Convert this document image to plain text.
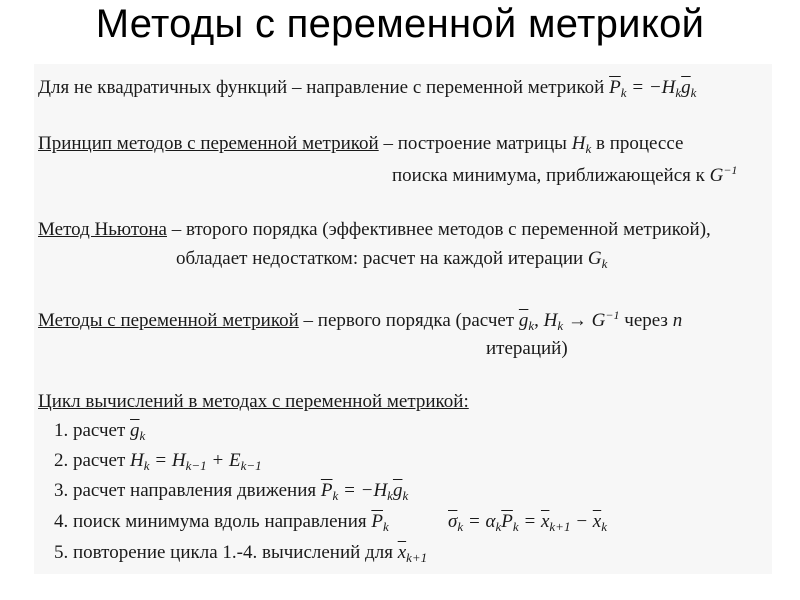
Методы с переменной метрикой
Для не квадратичных функций – направление с переменной метрикой $\overline{P}_k = -H_k\overline{g}_k$
Принцип методов с переменной метрикой – построение матрицы $H_k$ в процессе
поиска минимума, приближающейся к $G^{-1}$
Метод Ньютона – второго порядка (эффективнее методов с переменной метрикой),
обладает недостатком: расчет на каждой итерации $G_k$
Методы с переменной метрикой – первого порядка (расчет $\overline{g}_k$, $H_k \to G^{-1}$ через n
итераций)
Цикл вычислений в методах с переменной метрикой:
1. расчет $\overline{g}_k$
2. расчет $H_k = H_{k-1} + E_{k-1}$
3. расчет направления движения $\overline{P}_k = -H_k\overline{g}_k$
4. поиск минимума вдоль направления $\overline{P}_k$	$\overline{\sigma}_k = \alpha_k\overline{P}_k = \overline{x}_{k+1} - \overline{x}_k$
5. повторение цикла 1.-4. вычислений для $\overline{x}_{k+1}$
